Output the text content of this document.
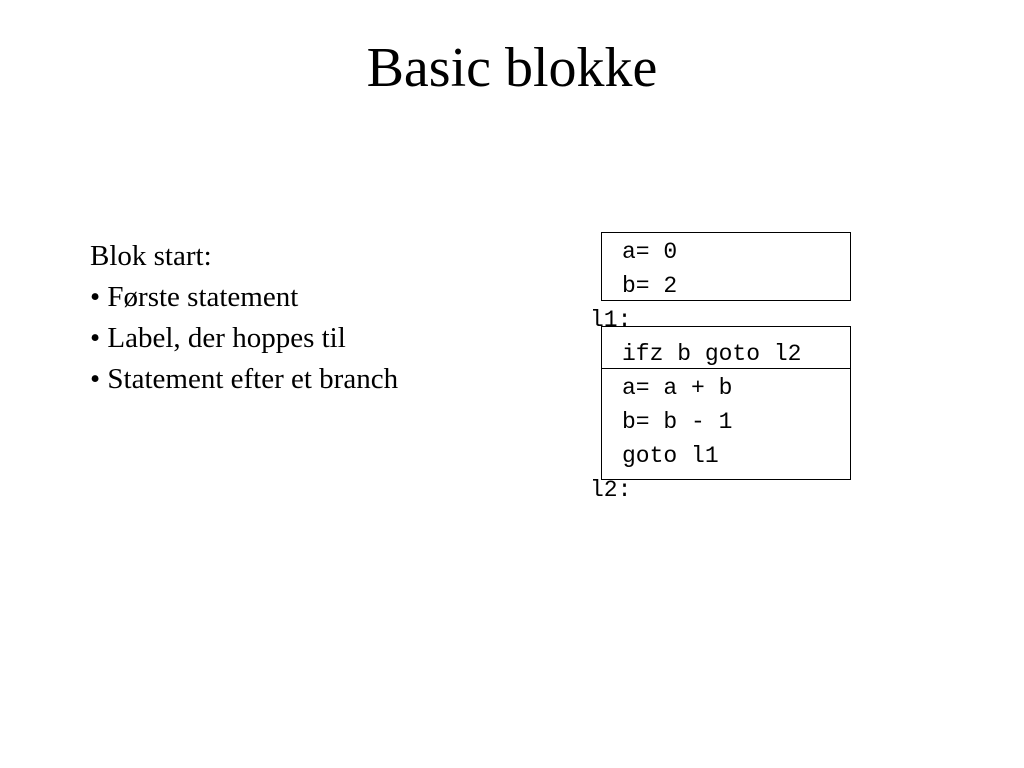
Basic blokke
Blok start:
• Første statement
• Label, der hoppes til
• Statement efter et branch
a= 0
b= 2
l1:
ifz b goto l2
a= a + b
b= b - 1
goto l1
l2:
